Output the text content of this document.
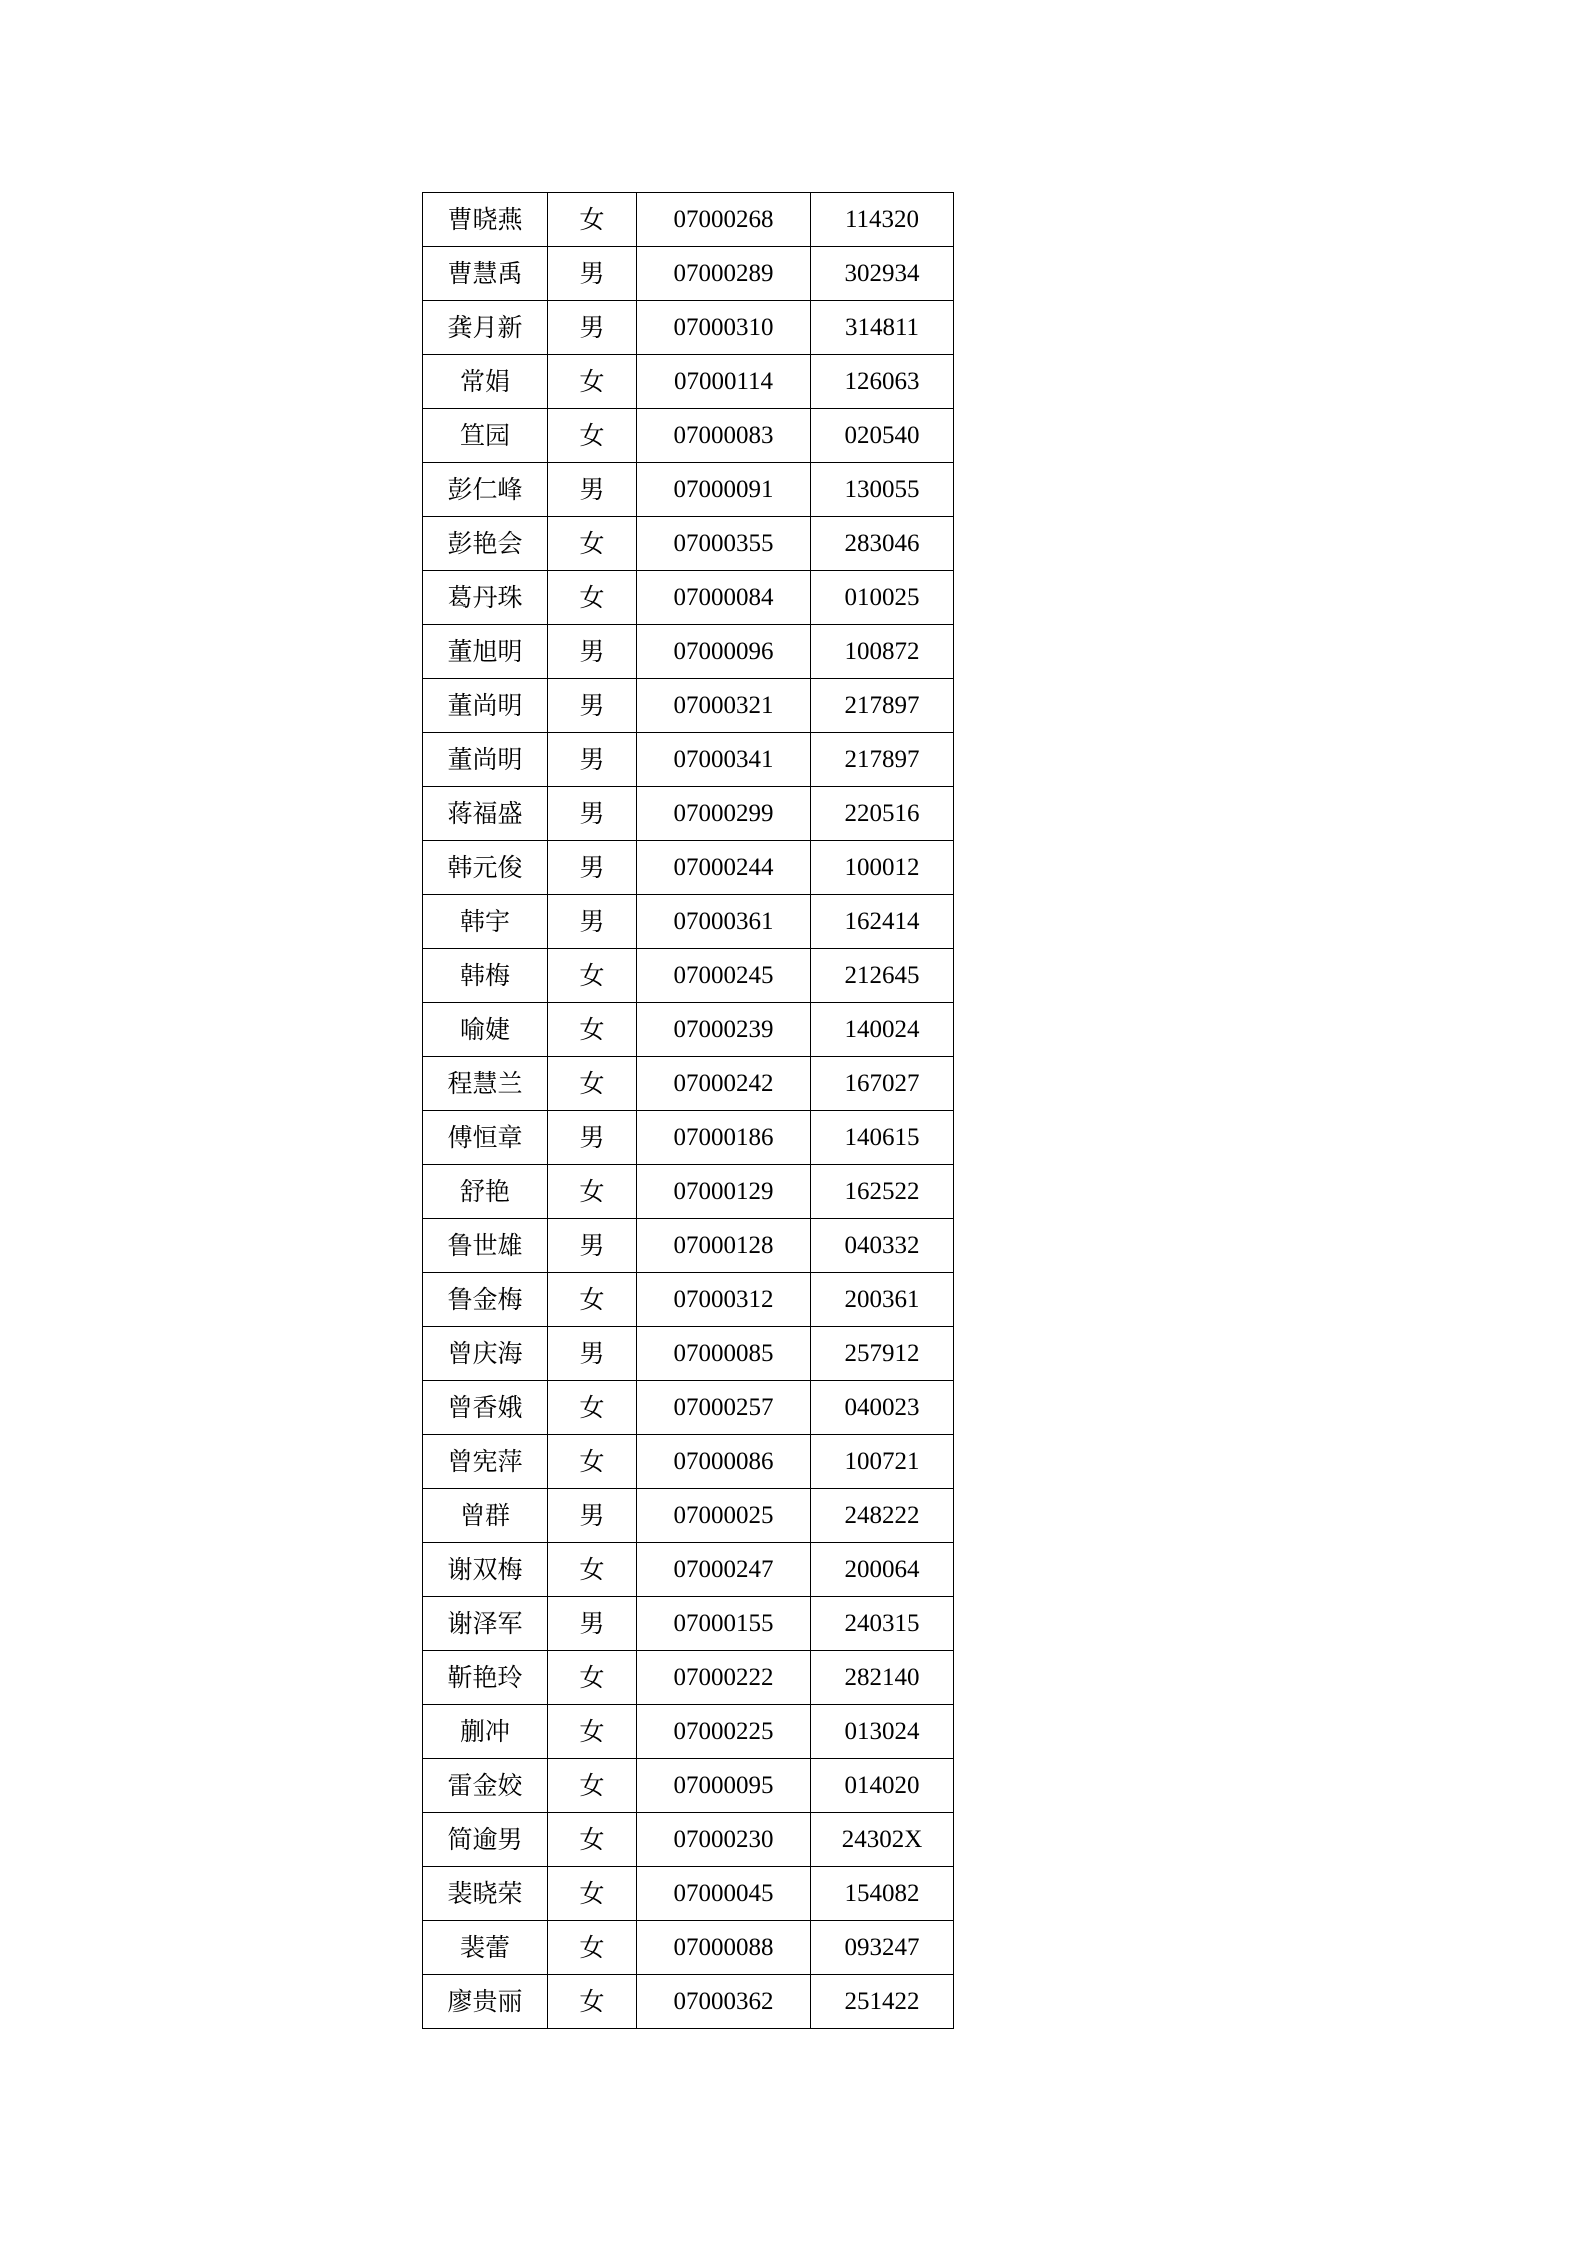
曹晓燕	女	07000268	114320
曹慧禹	男	07000289	302934
龚月新	男	07000310	314811
常娟	女	07000114	126063
笪园	女	07000083	020540
彭仁峰	男	07000091	130055
彭艳会	女	07000355	283046
葛丹珠	女	07000084	010025
董旭明	男	07000096	100872
董尚明	男	07000321	217897
董尚明	男	07000341	217897
蒋福盛	男	07000299	220516
韩元俊	男	07000244	100012
韩宇	男	07000361	162414
韩梅	女	07000245	212645
喻婕	女	07000239	140024
程慧兰	女	07000242	167027
傅恒章	男	07000186	140615
舒艳	女	07000129	162522
鲁世雄	男	07000128	040332
鲁金梅	女	07000312	200361
曾庆海	男	07000085	257912
曾香娥	女	07000257	040023
曾宪萍	女	07000086	100721
曾群	男	07000025	248222
谢双梅	女	07000247	200064
谢泽军	男	07000155	240315
靳艳玲	女	07000222	282140
蒯冲	女	07000225	013024
雷金姣	女	07000095	014020
简逾男	女	07000230	24302X
裴晓荣	女	07000045	154082
裴蕾	女	07000088	093247
廖贵丽	女	07000362	251422
